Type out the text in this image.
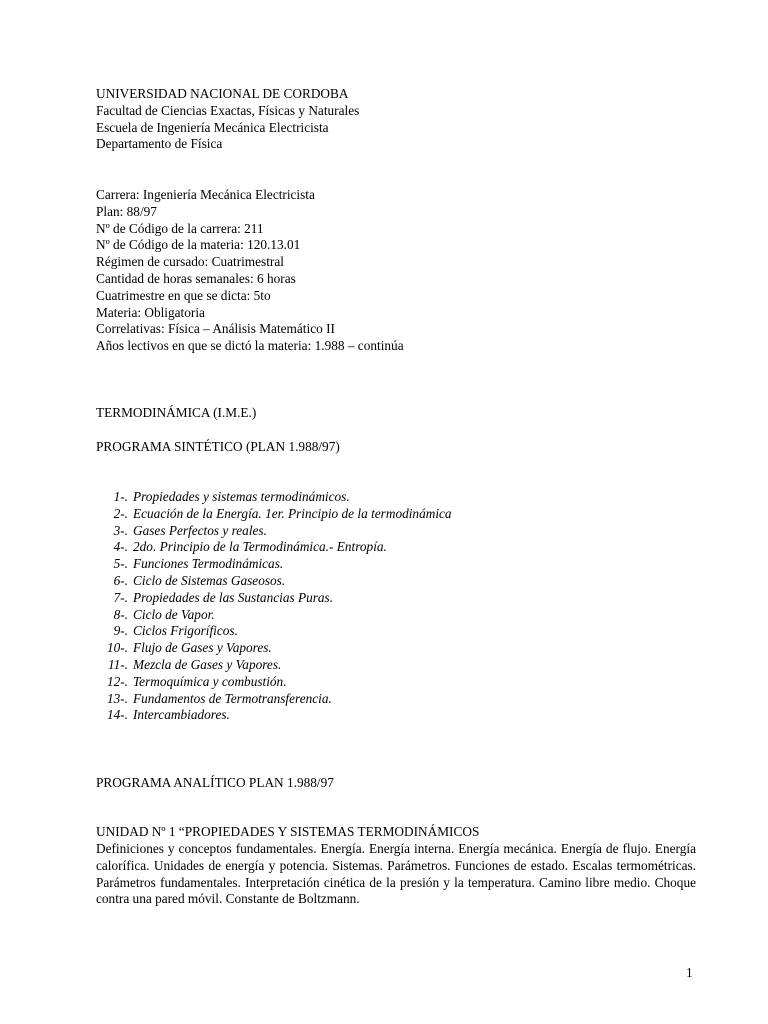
UNIVERSIDAD NACIONAL DE CORDOBA
Facultad de Ciencias Exactas, Físicas y Naturales
Escuela de Ingeniería Mecánica Electricista
Departamento de Física
Carrera: Ingeniería Mecánica Electricista
Plan: 88/97
Nº de Código de la carrera: 211
Nº de Código de la materia: 120.13.01
Régimen de cursado: Cuatrimestral
Cantidad de horas semanales: 6 horas
Cuatrimestre en que se dicta: 5to
Materia: Obligatoria
Correlativas: Física – Análisis Matemático II
Años lectivos en que se dictó la materia: 1.988 – continúa
TERMODINÁMICA (I.M.E.)
PROGRAMA SINTÉTICO (PLAN 1.988/97)
1-. Propiedades y sistemas termodinámicos.
2-. Ecuación de la Energía. 1er. Principio de la termodinámica
3-. Gases Perfectos y reales.
4-. 2do. Principio de la Termodinámica.- Entropía.
5-. Funciones Termodinámicas.
6-. Ciclo de Sistemas Gaseosos.
7-. Propiedades de las Sustancias Puras.
8-. Ciclo de Vapor.
9-. Ciclos Frigoríficos.
10-. Flujo de Gases y Vapores.
11-. Mezcla de Gases y Vapores.
12-. Termoquímica y combustión.
13-. Fundamentos de Termotransferencia.
14-. Intercambiadores.
PROGRAMA ANALÍTICO PLAN 1.988/97
UNIDAD Nº 1 “PROPIEDADES Y SISTEMAS TERMODINÁMICOS
Definiciones y conceptos fundamentales. Energía. Energía interna. Energía mecánica. Energía de flujo. Energía calorífica. Unidades de energía y potencia. Sistemas. Parámetros. Funciones de estado. Escalas termométricas. Parámetros fundamentales. Interpretación cinética de la presión y la temperatura. Camino libre medio. Choque contra una pared móvil. Constante de Boltzmann.
1
